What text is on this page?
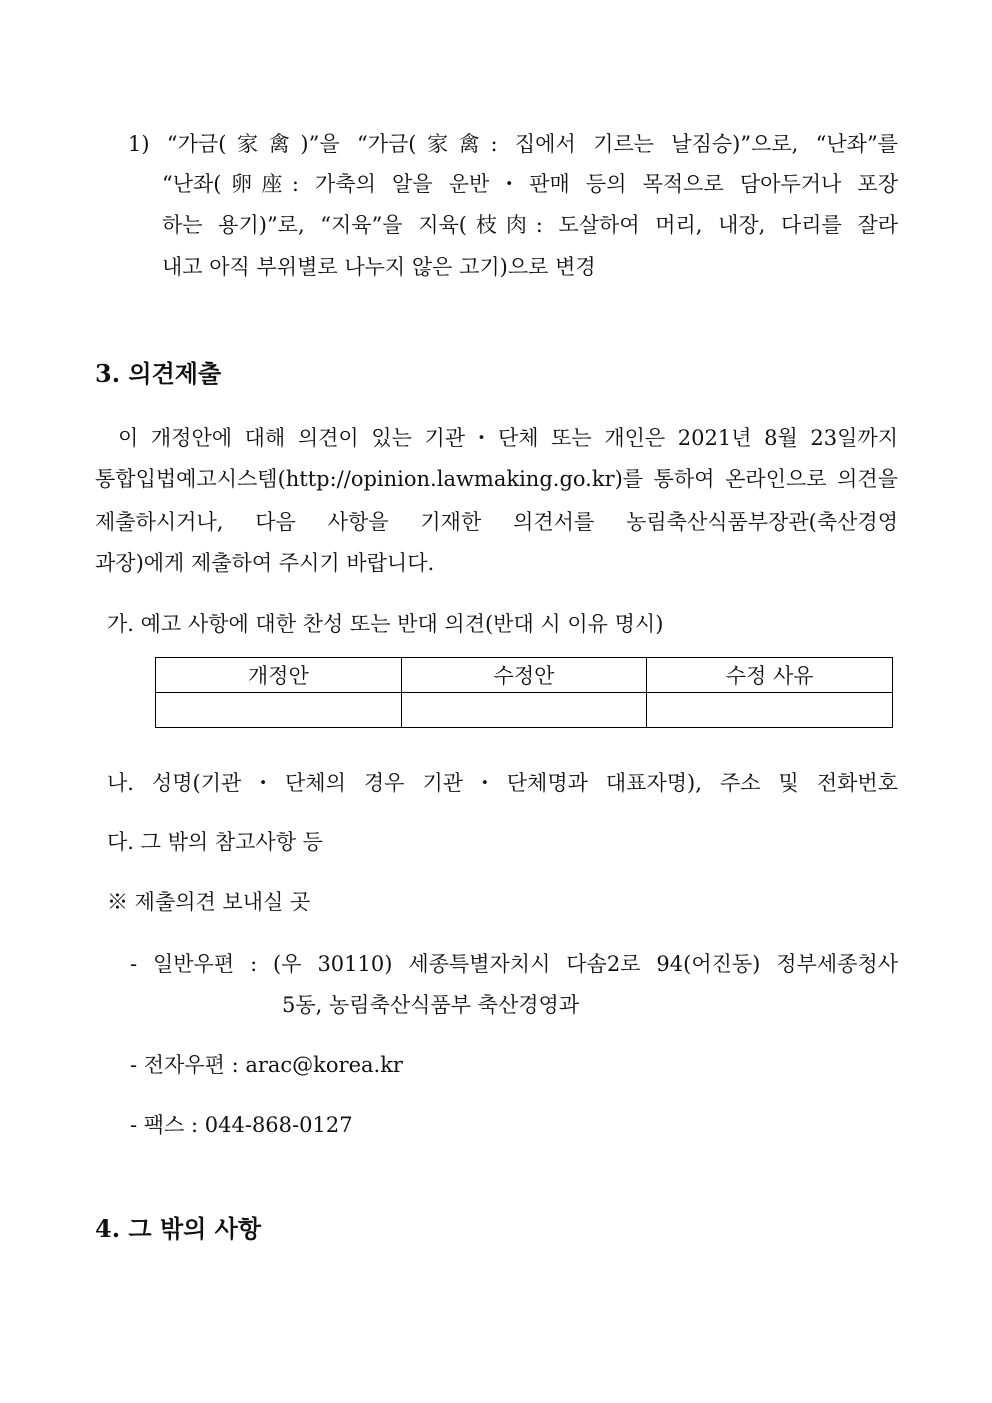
1) “가금(家禽)”을 “가금(家禽: 집에서 기르는 날짐승)”으로, “난좌”를
“난좌(卵座: 가축의 알을 운반・판매 등의 목적으로 담아두거나 포장
하는 용기)”로, “지육”을 지육(枝肉: 도살하여 머리, 내장, 다리를 잘라
내고 아직 부위별로 나누지 않은 고기)으로 변경
3. 의견제출
이 개정안에 대해 의견이 있는 기관・단체 또는 개인은 2021년 8월 23일까지
통합입법예고시스템(http://opinion.lawmaking.go.kr)를 통하여 온라인으로 의견을
제출하시거나, 다음 사항을 기재한 의견서를 농림축산식품부장관(축산경영
과장)에게 제출하여 주시기 바랍니다.
가. 예고 사항에 대한 찬성 또는 반대 의견(반대 시 이유 명시)
개정안	수정안	수정 사유

나. 성명(기관・단체의 경우 기관・단체명과 대표자명), 주소 및 전화번호
다. 그 밖의 참고사항 등
※ 제출의견 보내실 곳
- 일반우편 : (우 30110) 세종특별자치시 다솜2로 94(어진동) 정부세종청사
5동, 농림축산식품부 축산경영과
- 전자우편 : arac@korea.kr
- 팩스 : 044-868-0127
4. 그 밖의 사항
